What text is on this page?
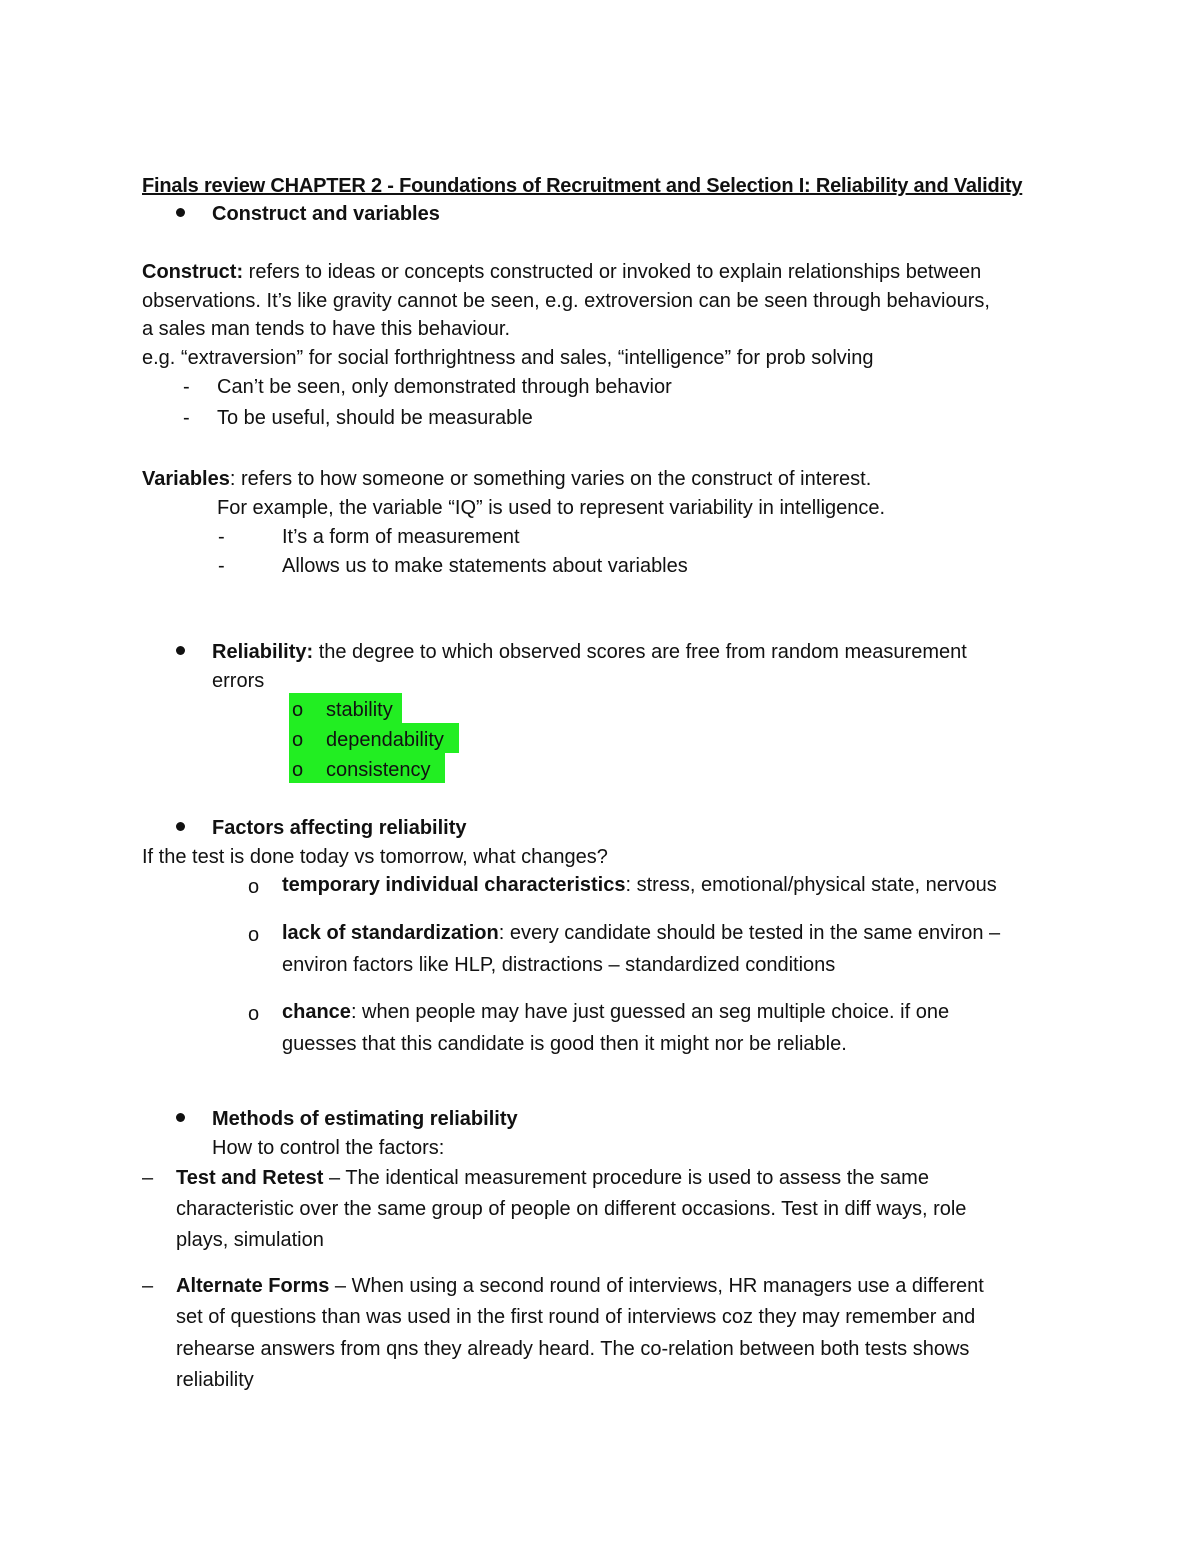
Finals review CHAPTER 2 - Foundations of Recruitment and Selection I: Reliability and Validity
Construct and variables
Construct: refers to ideas or concepts constructed or invoked to explain relationships between
observations. It’s like gravity cannot be seen, e.g. extroversion can be seen through behaviours,
a sales man tends to have this behaviour.
e.g. “extraversion” for social forthrightness and sales, “intelligence” for prob solving
- Can’t be seen, only demonstrated through behavior
- To be useful, should be measurable
Variables: refers to how someone or something varies on the construct of interest.
For example, the variable “IQ” is used to represent variability in intelligence.
-	It’s a form of measurement
-	Allows us to make statements about variables
Reliability: the degree to which observed scores are free from random measurement
errors
o stability
o dependability
o consistency
Factors affecting reliability
If the test is done today vs tomorrow, what changes?
o temporary individual characteristics: stress, emotional/physical state, nervous
o lack of standardization: every candidate should be tested in the same environ –
environ factors like HLP, distractions – standardized conditions
o chance: when people may have just guessed an seg multiple choice. if one
guesses that this candidate is good then it might nor be reliable.
Methods of estimating reliability
How to control the factors:
– Test and Retest – The identical measurement procedure is used to assess the same
characteristic over the same group of people on different occasions. Test in diff ways, role
plays, simulation
– Alternate Forms – When using a second round of interviews, HR managers use a different
set of questions than was used in the first round of interviews coz they may remember and
rehearse answers from qns they already heard. The co-relation between both tests shows
reliability
